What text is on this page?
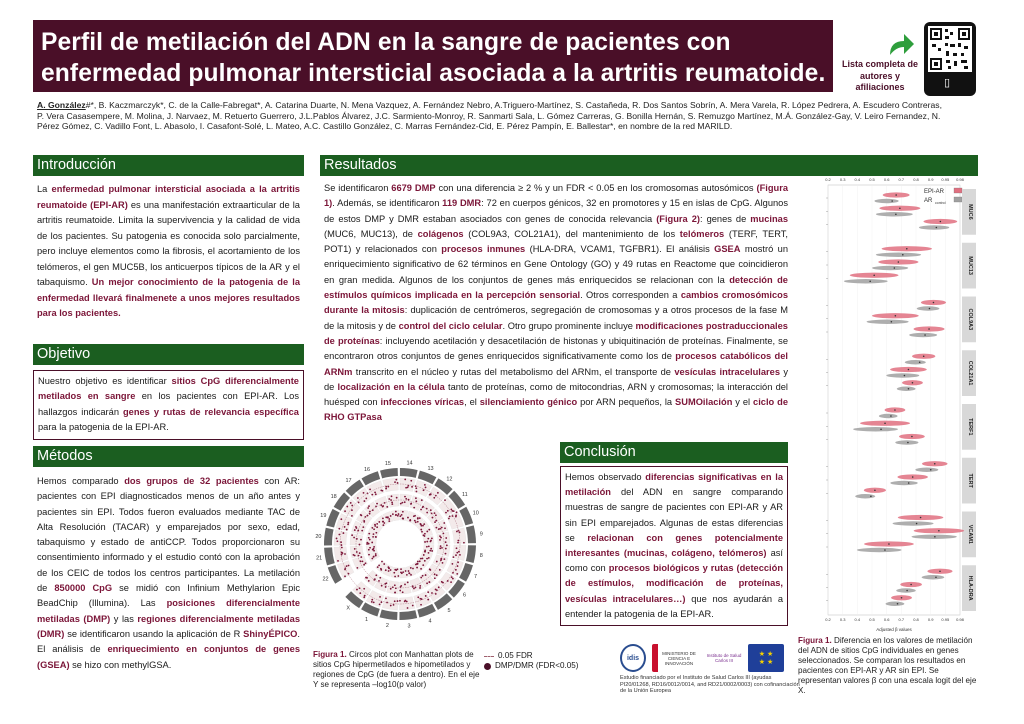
Perfil de metilación del ADN en la sangre de pacientes con
enfermedad pulmonar intersticial asociada a la artritis reumatoide. Lista completa de autores y afiliaciones	▯
A. González#*, B. Kaczmarczyk*, C. de la Calle-Fabregat*, A. Catarina Duarte, N. Mena Vazquez, A. Fernández Nebro, A.Triguero-Martínez, S. Castañeda, R. Dos Santos Sobrín, A. Mera Varela, R. López Pedrera, A. Escudero Contreras, P. Vera Casasempere, M. Molina, J. Narvaez, M. Retuerto Guerrero, J.L.Pablos Álvarez, J.C. Sarmiento-Monroy, R. Sanmarti Sala, L. Gómez Carreras, G. Bonilla Hernán, S. Remuzgo Martínez, M.Á. González-Gay, V. Leiro Fernandez, N. Pérez Gómez, C. Vadillo Font, L. Abasolo, I. Casafont-Solé, L. Mateo, A.C. Castillo González, C. Marras Fernández-Cid, E. Pérez Pampín, E. Ballestar*, en nombre de la red MARILD.
Introducción
La enfermedad pulmonar intersticial asociada a la artritis reumatoide (EPI-AR) es una manifestación extraarticular de la artritis reumatoide. Limita la supervivencia y la calidad de vida de los pacientes. Su patogenia es conocida solo parcialmente, pero incluye elementos como la fibrosis, el acortamiento de los telómeros, el gen MUC5B, los anticuerpos típicos de la AR y el tabaquismo. Un mejor conocimiento de la patogenia de la enfermedad llevará finalmenete a unos mejores resultados para los pacientes.
Objetivo
Nuestro objetivo es identificar sitios CpG diferencialmente metilados en sangre en los pacientes con EPI-AR. Los hallazgos indicarán genes y rutas de relevancia específica para la patogenia de la EPI-AR.
Métodos
Hemos comparado dos grupos de 32 pacientes con AR: pacientes con EPI diagnosticados menos de un año antes y pacientes sin EPI. Todos fueron evaluados mediante TAC de Alta Resolución (TACAR) y emparejados por sexo, edad, tabaquismo y estado de antiCCP. Todos proporcionaron su consentimiento informado y el estudio contó con la aprobación de los CEIC de todos los centros participantes. La metilación de 850000 CpG se midió con Infinium Methylarion Epic BeadChip (Illumina). Las posiciones diferencialmente metiladas (DMP) y las regiones diferencialmente metiladas (DMR) se identificaron usando la aplicación de R ShinyÉPICO. El análisis de enriquecimiento en conjuntos de genes (GSEA) se hizo con methylGSA.
Resultados
Se identificaron 6679 DMP con una diferencia ≥ 2 % y un FDR < 0.05 en los cromosomas autosómicos (Figura 1). Además, se identificaron 119 DMR: 72 en cuerpos génicos, 32 en promotores y 15 en islas de CpG. Algunos de estos DMP y DMR estaban asociados con genes de conocida relevancia (Figura 2): genes de mucinas (MUC6, MUC13), de colágenos (COL9A3, COL21A1), del mantenimiento de los telómeros (TERF, TERT, POT1) y relacionados con procesos inmunes (HLA-DRA, VCAM1, TGFBR1). El análisis GSEA mostró un enriquecimiento significativo de 62 términos en Gene Ontology (GO) y 49 rutas en Reactome que coincidieron en gran medida. Algunos de los conjuntos de genes más enriquecidos se relacionan con la detección de estímulos químicos implicada en la percepción sensorial. Otros corresponden a cambios cromosómicos durante la mitosis: duplicación de centrómeros, segregación de cromosomas y a otros procesos de la fase M de la mitosis y de control del ciclo celular. Otro grupo prominente incluye modificaciones postraduccionales de proteínas: incluyendo acetilación y desacetilación de histonas y ubiquitinación de proteínas. Finalmente, se encontraron otros conjuntos de genes enriquecidos significativamente como los de procesos catabólicos del ARNm transcrito en el núcleo y rutas del metabolismo del ARNm, el transporte de vesículas intracelulares y de localización en la célula tanto de proteínas, como de mitocondrias, ARN y cromosomas; la interacción del huésped con infecciones víricas, el silenciamiento génico por ARN pequeños, la SUMOilación y el ciclo de RHO GTPasa
22
21
20
19
18
17
16
15	14
13
12
11
10
9
8
7
6
5
4
3
2
1
X
Figura 1. Circos plot con Manhattan plots de sitios CpG hipermetilados e hipometilados y regiones de CpG (de fuera a dentro). En el eje Y se representa –log10(p valor)
0.05 FDR
DMP/DMR (FDR<0.05)
Conclusión
Hemos observado diferencias significativas en la metilación del ADN en sangre comparando muestras de sangre de pacientes con EPI-AR y AR sin EPI emparejados. Algunas de estas diferencias se relacionan con genes potencialmente interesantes (mucinas, colágeno, telómeros) así como con procesos biológicos y rutas (detección de estímulos, modificación de proteínas, vesículas intracelulares…) que nos ayudarán a entender la patogenia de la EPI-AR.
idis
MINISTERIO DE CIENCIA E INNOVACIÓN
Instituto de Salud Carlos III
★ ★
★ ★
Estudio financiado por el Instituto de Salud Carlos III (ayudas PI20/01268, RD16/0012/0014, and RD21/0002/0003) con cofinanciación de la Unión Europea
0.2
0.2
0.3
0.3
0.4
0.4
0.5
0.5
0.6
0.6
0.7
0.7
0.8
0.8
0.9
0.9
0.95
0.95
0.98
0.98
Adjusted β values
EPI-AR
AR control
MUC6
MUC13
COL9A3
COL21A1
TERF1
TERT
VCAM1
HLA-DRA
Figura 1. Diferencia en los valores de metilación del ADN de sitios CpG individuales en genes seleccionados. Se comparan los resultados en pacientes con EPI-AR y AR sin EPI. Se representan valores β con una escala logit del eje X.
